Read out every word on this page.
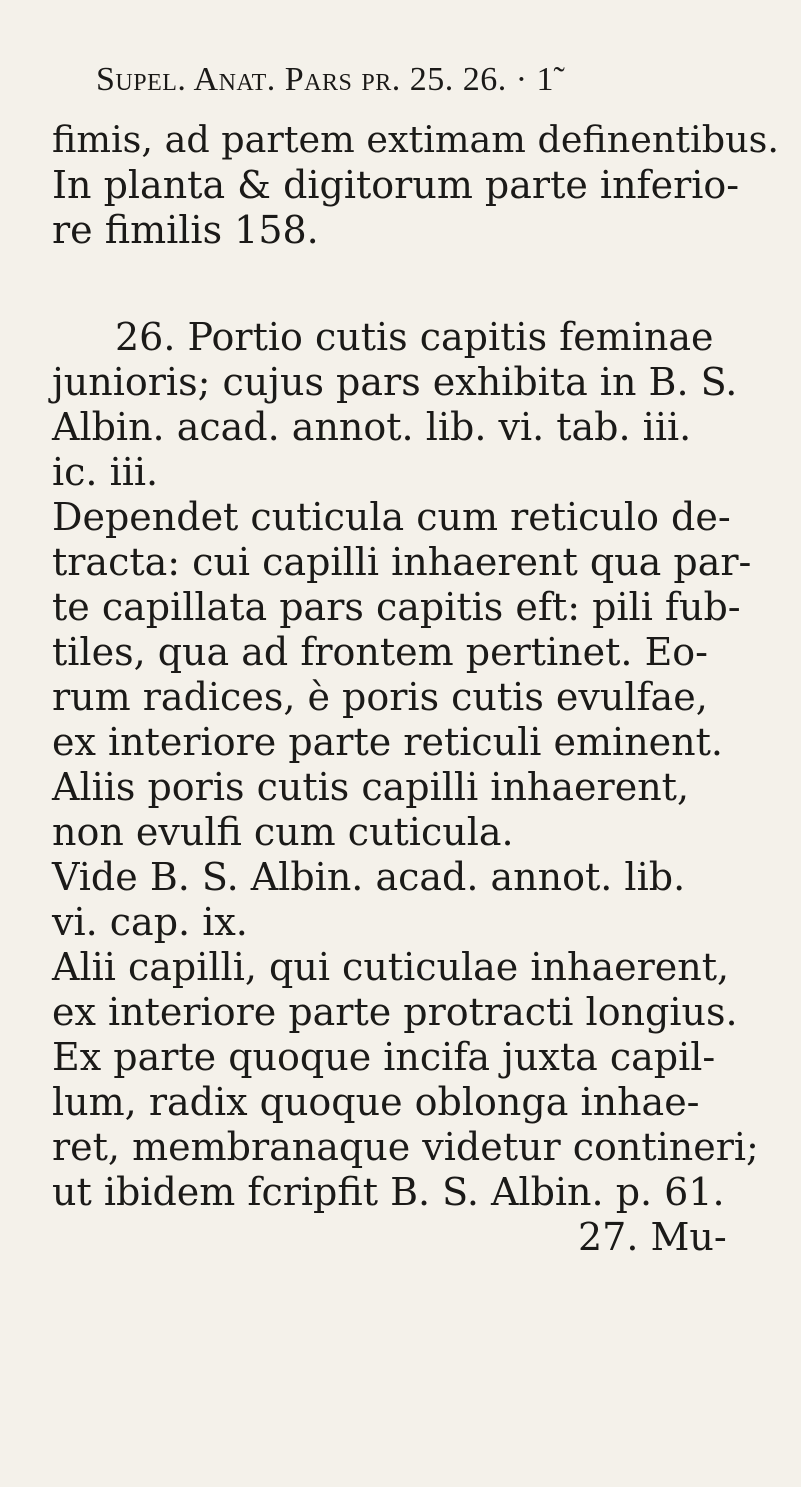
Supel. Anat. Pars pr. 25. 26. · 1̃
fimis, ad partem extimam definentibus.
In planta & digitorum parte inferio-
re fimilis 158.
26. Portio cutis capitis feminae
junioris; cujus pars exhibita in B. S.
Albin. acad. annot. lib. vi. tab. iii.
ic. iii.
Dependet cuticula cum reticulo de-
tracta: cui capilli inhaerent qua par-
te capillata pars capitis eft: pili fub-
tiles, qua ad frontem pertinet. Eo-
rum radices, è poris cutis evulfae,
ex interiore parte reticuli eminent.
Aliis poris cutis capilli inhaerent,
non evulfi cum cuticula.
Vide B. S. Albin. acad. annot. lib.
vi. cap. ix.
Alii capilli, qui cuticulae inhaerent,
ex interiore parte protracti longius.
Ex parte quoque incifa juxta capil-
lum, radix quoque oblonga inhae-
ret, membranaque videtur contineri;
ut ibidem fcripfit B. S. Albin. p. 61.
27. Mu-
